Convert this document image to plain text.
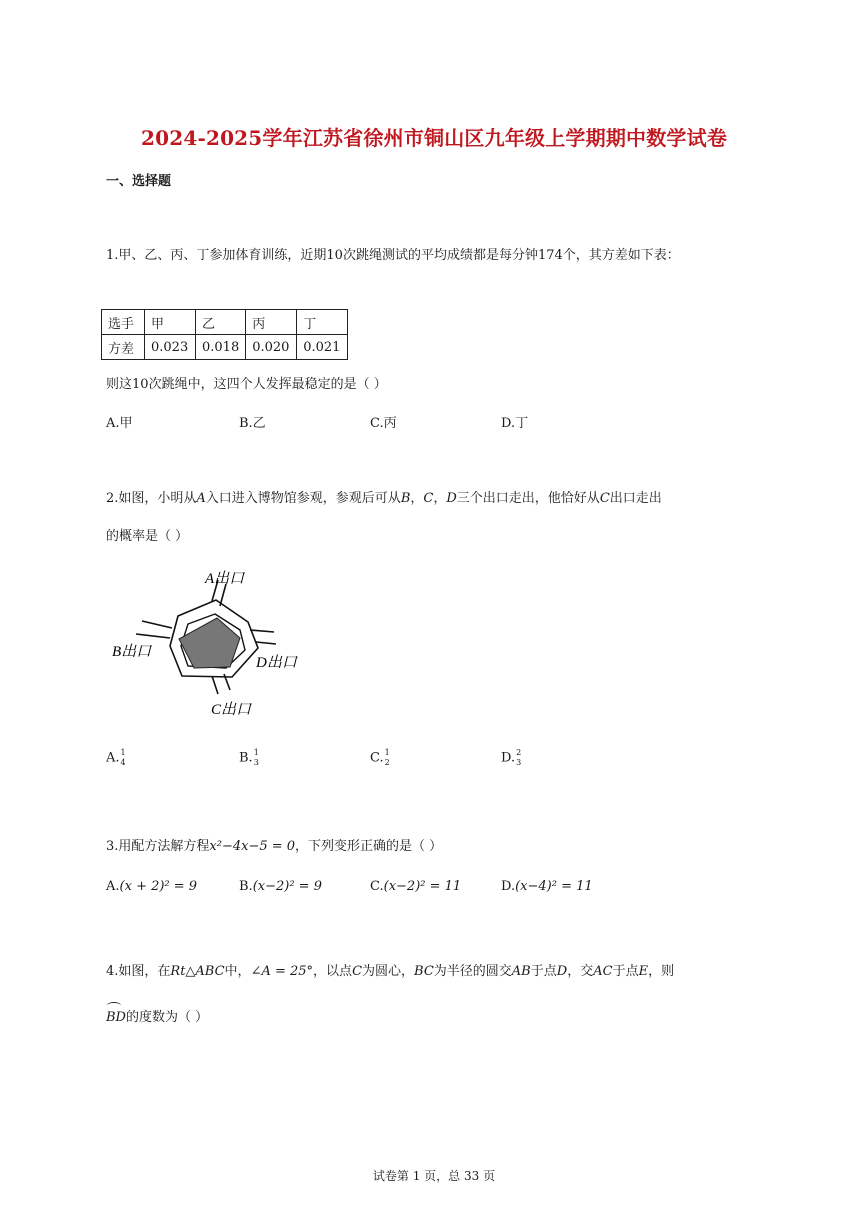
2024-2025学年江苏省徐州市铜山区九年级上学期期中数学试卷
一、选择题
1.甲、乙、丙、丁参加体育训练，近期10次跳绳测试的平均成绩都是每分钟174个，其方差如下表：
选手	甲	乙	丙	丁
方差	0.023	0.018	0.020	0.021
则这10次跳绳中，这四个人发挥最稳定的是（ ）
A.甲	B.乙	C.丙	D.丁
2.如图，小明从A入口进入博物馆参观，参观后可从B，C，D三个出口走出，他恰好从C出口走出
的概率是（ ）
A出口
B出口
D出口
C出口
A. 1
4	B. 1
3	C. 1
2	D. 2
3
3.用配方法解方程x²−4x−5 = 0，下列变形正确的是（ ）
A.(x + 2)² = 9	B.(x−2)² = 9	C.(x−2)² = 11	D.(x−4)² = 11
4.如图，在Rt△ABC中，∠A = 25°，以点C为圆心，BC为半径的圆交AB于点D，交AC于点E，则
BD的度数为（ ）
试卷第 1 页，总 33 页
